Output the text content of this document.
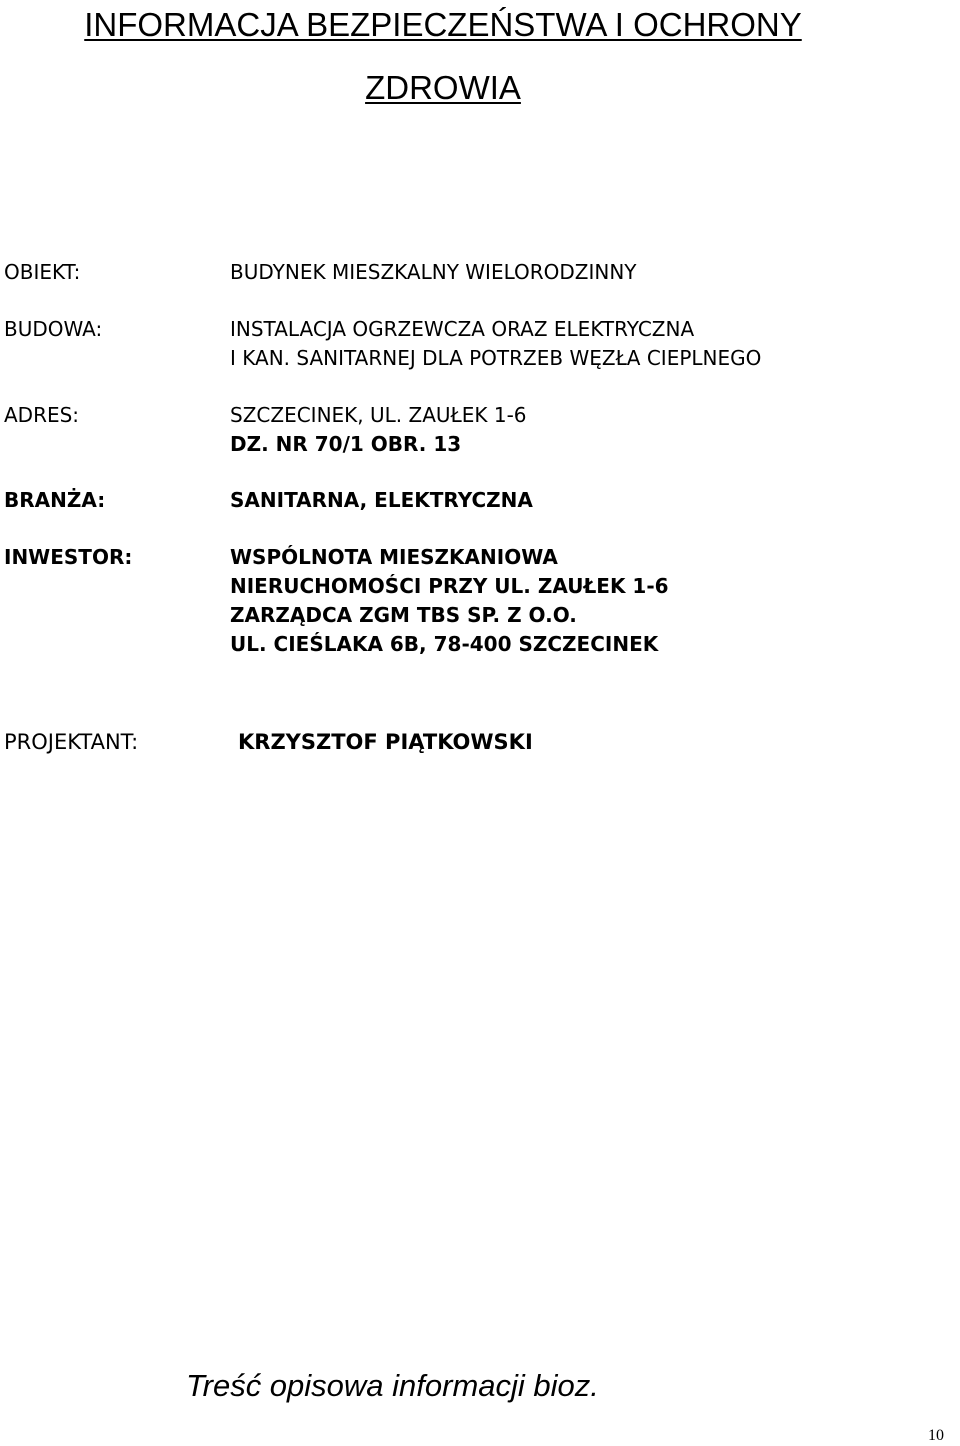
INFORMACJA BEZPIECZEŃSTWA I OCHRONY
ZDROWIA
OBIEKT:	BUDYNEK MIESZKALNY WIELORODZINNY
BUDOWA:	INSTALACJA OGRZEWCZA ORAZ ELEKTRYCZNA
I KAN. SANITARNEJ DLA POTRZEB WĘZŁA CIEPLNEGO
ADRES:	SZCZECINEK, UL. ZAUŁEK 1-6
DZ. NR 70/1 OBR. 13
BRANŻA:	SANITARNA, ELEKTRYCZNA
INWESTOR:	WSPÓLNOTA MIESZKANIOWA
NIERUCHOMOŚCI PRZY UL. ZAUŁEK 1-6
ZARZĄDCA ZGM TBS SP. Z O.O.
UL. CIEŚLAKA 6B, 78-400 SZCZECINEK
PROJEKTANT:	KRZYSZTOF PIĄTKOWSKI
Treść opisowa informacji bioz.
10
